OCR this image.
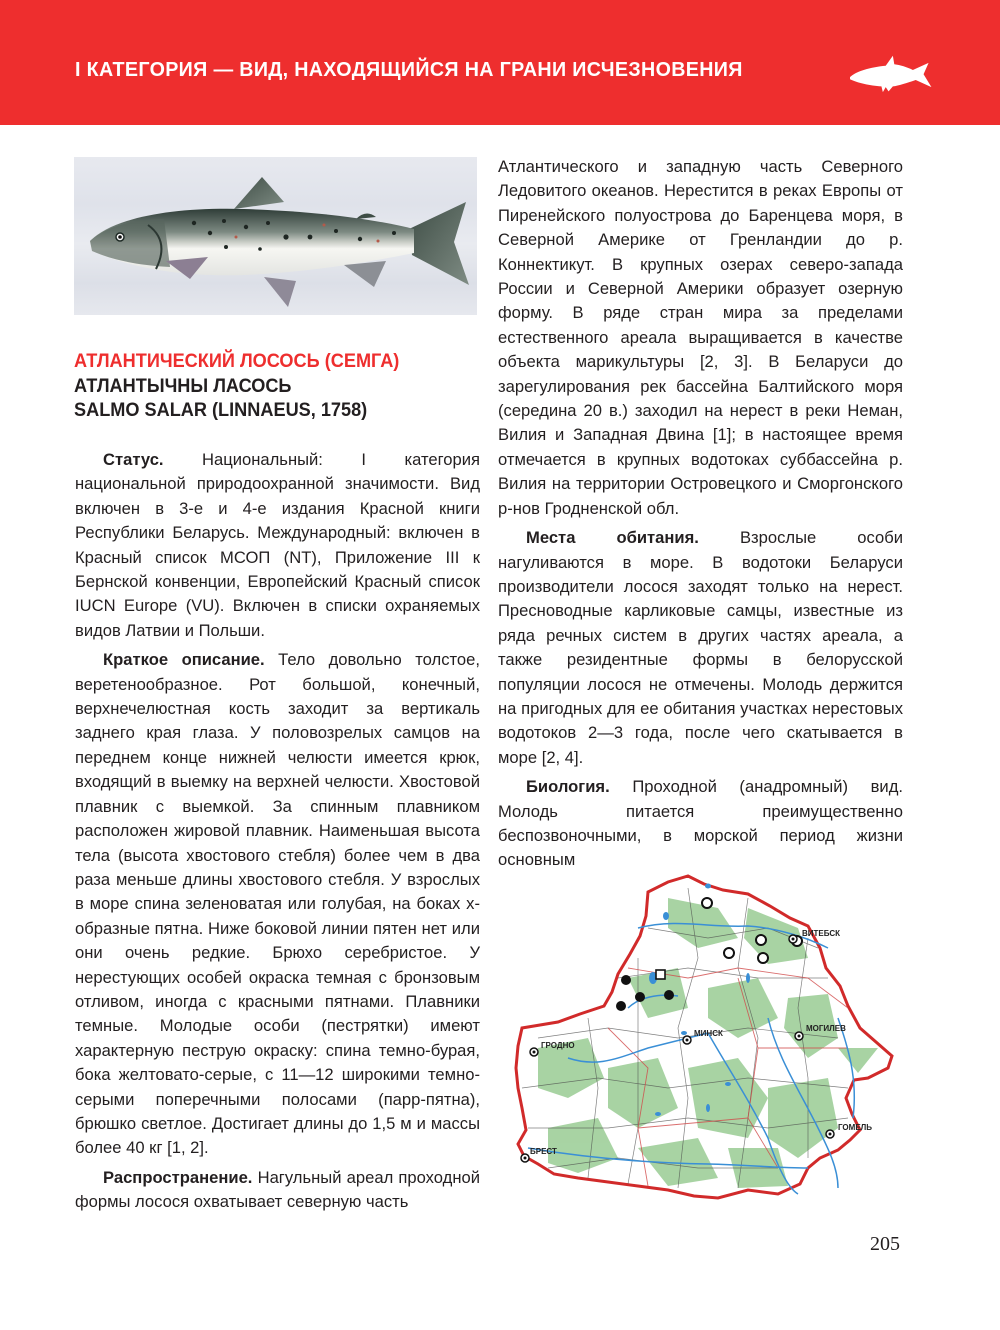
I КАТЕГОРИЯ — ВИД, НАХОДЯЩИЙСЯ НА ГРАНИ ИСЧЕЗНОВЕНИЯ
АТЛАНТИЧЕСКИЙ ЛОСОСЬ (СЕМГА)
АТЛАНТЫЧНЫ ЛАСОСЬ
SALMO SALAR (LINNAEUS, 1758)

Статус. Национальный: I категория национальной природоохранной значимости. Вид включен в 3-е и 4-е издания Красной книги Республики Беларусь. Международный: включен в Красный список МСОП (NT), Приложение III к Бернской конвенции, Европейский Красный список IUCN Europe (VU). Включен в списки охраняемых видов Латвии и Польши.

Краткое описание. Тело довольно толстое, веретенообразное. Рот большой, конечный, верхнечелюстная кость заходит за вертикаль заднего края глаза. У половозрелых самцов на переднем конце нижней челюсти имеется крюк, входящий в выемку на верхней челюсти. Хвостовой плавник с выемкой. За спинным плавником расположен жировой плавник. Наименьшая высота тела (высота хвостового стебля) более чем в два раза меньше длины хвостового стебля. У взрослых в море спина зеленоватая или голубая, на боках х-образные пятна. Ниже боковой линии пятен нет или они очень редкие. Брюхо серебристое. У нерестующих особей окраска темная с бронзовым отливом, иногда с красными пятнами. Плавники темные. Молодые особи (пестрятки) имеют характерную пеструю окраску: спина темно-бурая, бока желтовато-серые, с 11—12 широкими темно-серыми поперечными полосами (парр-пятна), брюшко светлое. Достигает длины до 1,5 м и массы более 40 кг [1, 2].

Распространение. Нагульный ареал проходной формы лосося охватывает северную часть

Атлантического и западную часть Северного Ледовитого океанов. Нерестится в реках Европы от Пиренейского полуострова до Баренцева моря, в Северной Америке от Гренландии до р. Коннектикут. В крупных озерах северо-запада России и Северной Америки образует озерную форму. В ряде стран мира за пределами естественного ареала выращивается в качестве объекта марикультуры [2, 3]. В Беларуси до зарегулирования рек бассейна Балтийского моря (середина 20 в.) заходил на нерест в реки Неман, Вилия и Западная Двина [1]; в настоящее время отмечается в крупных водотоках суббассейна р. Вилия на территории Островецкого и Сморгонского р-нов Гродненской обл.

Места обитания. Взрослые особи нагуливаются в море. В водотоки Беларуси производители лосося заходят только на нерест. Пресноводные карликовые самцы, известные из ряда речных систем в других частях ареала, а также резидентные формы в белорусской популяции лосося не отмечены. Молодь держится на пригодных для ее обитания участках нерестовых водотоков 2—3 года, после чего скатывается в море [2, 4].

Биология. Проходной (анадромный) вид. Молодь питается преимущественно беспозвоночными, в морской период жизни основным

ВИТЕБСК
МОГИЛЕВ
МИНСК
ГРОДНО
ГОМЕЛЬ
БРЕСТ
205
